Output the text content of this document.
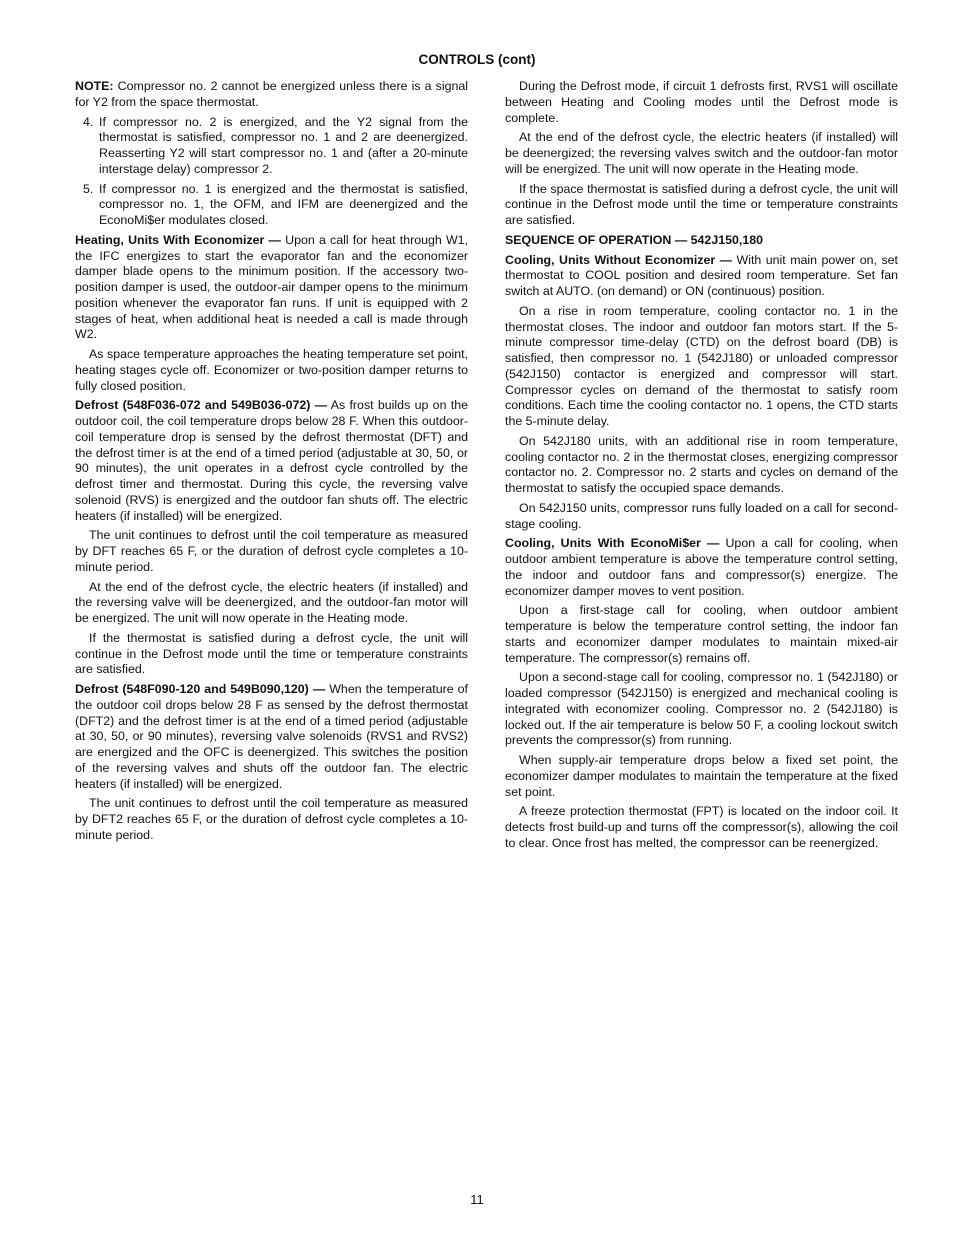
CONTROLS (cont)

NOTE: Compressor no. 2 cannot be energized unless there is a signal for Y2 from the space thermostat.

4. If compressor no. 2 is energized, and the Y2 signal from the thermostat is satisfied, compressor no. 1 and 2 are deenergized. Reasserting Y2 will start compressor no. 1 and (after a 20-minute interstage delay) compressor 2.
5. If compressor no. 1 is energized and the thermostat is satisfied, compressor no. 1, the OFM, and IFM are deenergized and the EconoMi$er modulates closed.

Heating, Units With Economizer — Upon a call for heat through W1, the IFC energizes to start the evaporator fan and the economizer damper blade opens to the minimum position. If the accessory two-position damper is used, the outdoor-air damper opens to the minimum position whenever the evaporator fan runs. If unit is equipped with 2 stages of heat, when additional heat is needed a call is made through W2.

As space temperature approaches the heating temperature set point, heating stages cycle off. Economizer or two-position damper returns to fully closed position.

Defrost (548F036-072 and 549B036-072) — As frost builds up on the outdoor coil, the coil temperature drops below 28 F. When this outdoor-coil temperature drop is sensed by the defrost thermostat (DFT) and the defrost timer is at the end of a timed period (adjustable at 30, 50, or 90 minutes), the unit operates in a defrost cycle controlled by the defrost timer and thermostat. During this cycle, the reversing valve solenoid (RVS) is energized and the outdoor fan shuts off. The electric heaters (if installed) will be energized.

The unit continues to defrost until the coil temperature as measured by DFT reaches 65 F, or the duration of defrost cycle completes a 10-minute period.

At the end of the defrost cycle, the electric heaters (if installed) and the reversing valve will be deenergized, and the outdoor-fan motor will be energized. The unit will now operate in the Heating mode.

If the thermostat is satisfied during a defrost cycle, the unit will continue in the Defrost mode until the time or temperature constraints are satisfied.

Defrost (548F090-120 and 549B090,120) — When the temperature of the outdoor coil drops below 28 F as sensed by the defrost thermostat (DFT2) and the defrost timer is at the end of a timed period (adjustable at 30, 50, or 90 minutes), reversing valve solenoids (RVS1 and RVS2) are energized and the OFC is deenergized. This switches the position of the reversing valves and shuts off the outdoor fan. The electric heaters (if installed) will be energized.

The unit continues to defrost until the coil temperature as measured by DFT2 reaches 65 F, or the duration of defrost cycle completes a 10-minute period.

During the Defrost mode, if circuit 1 defrosts first, RVS1 will oscillate between Heating and Cooling modes until the Defrost mode is complete.

At the end of the defrost cycle, the electric heaters (if installed) will be deenergized; the reversing valves switch and the outdoor-fan motor will be energized. The unit will now operate in the Heating mode.

If the space thermostat is satisfied during a defrost cycle, the unit will continue in the Defrost mode until the time or temperature constraints are satisfied.

SEQUENCE OF OPERATION — 542J150,180

Cooling, Units Without Economizer — With unit main power on, set thermostat to COOL position and desired room temperature. Set fan switch at AUTO. (on demand) or ON (continuous) position.

On a rise in room temperature, cooling contactor no. 1 in the thermostat closes. The indoor and outdoor fan motors start. If the 5-minute compressor time-delay (CTD) on the defrost board (DB) is satisfied, then compressor no. 1 (542J180) or unloaded compressor (542J150) contactor is energized and compressor will start. Compressor cycles on demand of the thermostat to satisfy room conditions. Each time the cooling contactor no. 1 opens, the CTD starts the 5-minute delay.

On 542J180 units, with an additional rise in room temperature, cooling contactor no. 2 in the thermostat closes, energizing compressor contactor no. 2. Compressor no. 2 starts and cycles on demand of the thermostat to satisfy the occupied space demands.

On 542J150 units, compressor runs fully loaded on a call for second-stage cooling.

Cooling, Units With EconoMi$er — Upon a call for cooling, when outdoor ambient temperature is above the temperature control setting, the indoor and outdoor fans and compressor(s) energize. The economizer damper moves to vent position.

Upon a first-stage call for cooling, when outdoor ambient temperature is below the temperature control setting, the indoor fan starts and economizer damper modulates to maintain mixed-air temperature. The compressor(s) remains off.

Upon a second-stage call for cooling, compressor no. 1 (542J180) or loaded compressor (542J150) is energized and mechanical cooling is integrated with economizer cooling. Compressor no. 2 (542J180) is locked out. If the air temperature is below 50 F, a cooling lockout switch prevents the compressor(s) from running.

When supply-air temperature drops below a fixed set point, the economizer damper modulates to maintain the temperature at the fixed set point.

A freeze protection thermostat (FPT) is located on the indoor coil. It detects frost build-up and turns off the compressor(s), allowing the coil to clear. Once frost has melted, the compressor can be reenergized.

11
